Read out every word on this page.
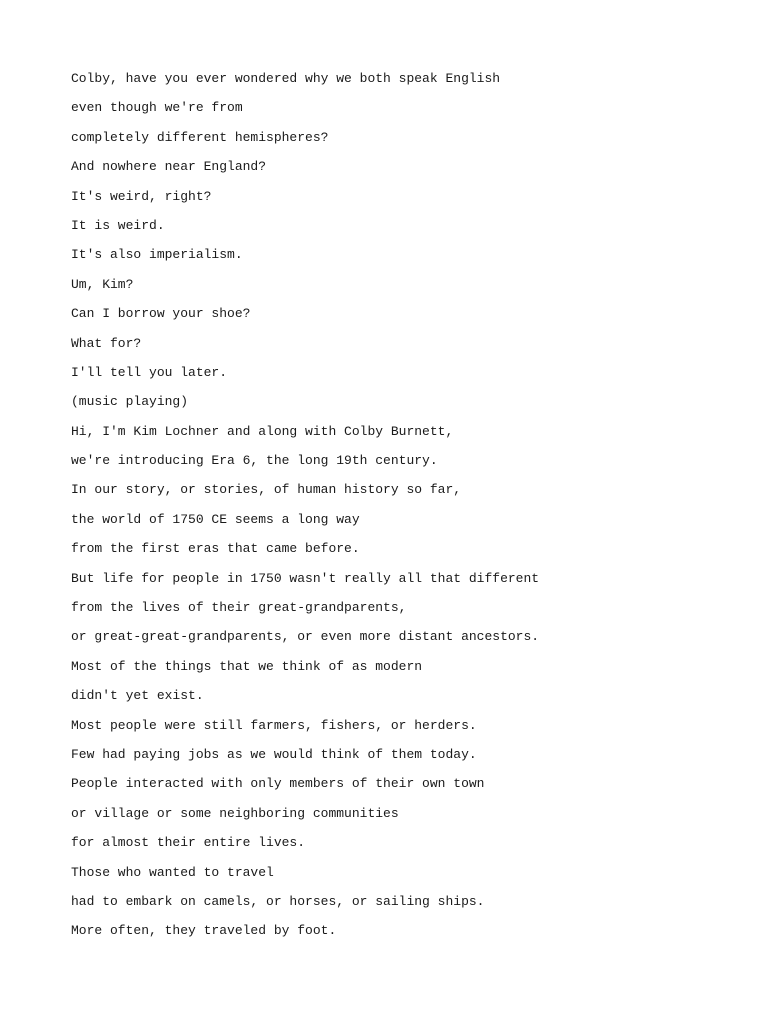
Colby, have you ever wondered why we both speak English
even though we're from
completely different hemispheres?
And nowhere near England?
It's weird, right?
It is weird.
It's also imperialism.
Um, Kim?
Can I borrow your shoe?
What for?
I'll tell you later.
(music playing)
Hi, I'm Kim Lochner and along with Colby Burnett,
we're introducing Era 6, the long 19th century.
In our story, or stories, of human history so far,
the world of 1750 CE seems a long way
from the first eras that came before.
But life for people in 1750 wasn't really all that different
from the lives of their great-grandparents,
or great-great-grandparents, or even more distant ancestors.
Most of the things that we think of as modern
didn't yet exist.
Most people were still farmers, fishers, or herders.
Few had paying jobs as we would think of them today.
People interacted with only members of their own town
or village or some neighboring communities
for almost their entire lives.
Those who wanted to travel
had to embark on camels, or horses, or sailing ships.
More often, they traveled by foot.
